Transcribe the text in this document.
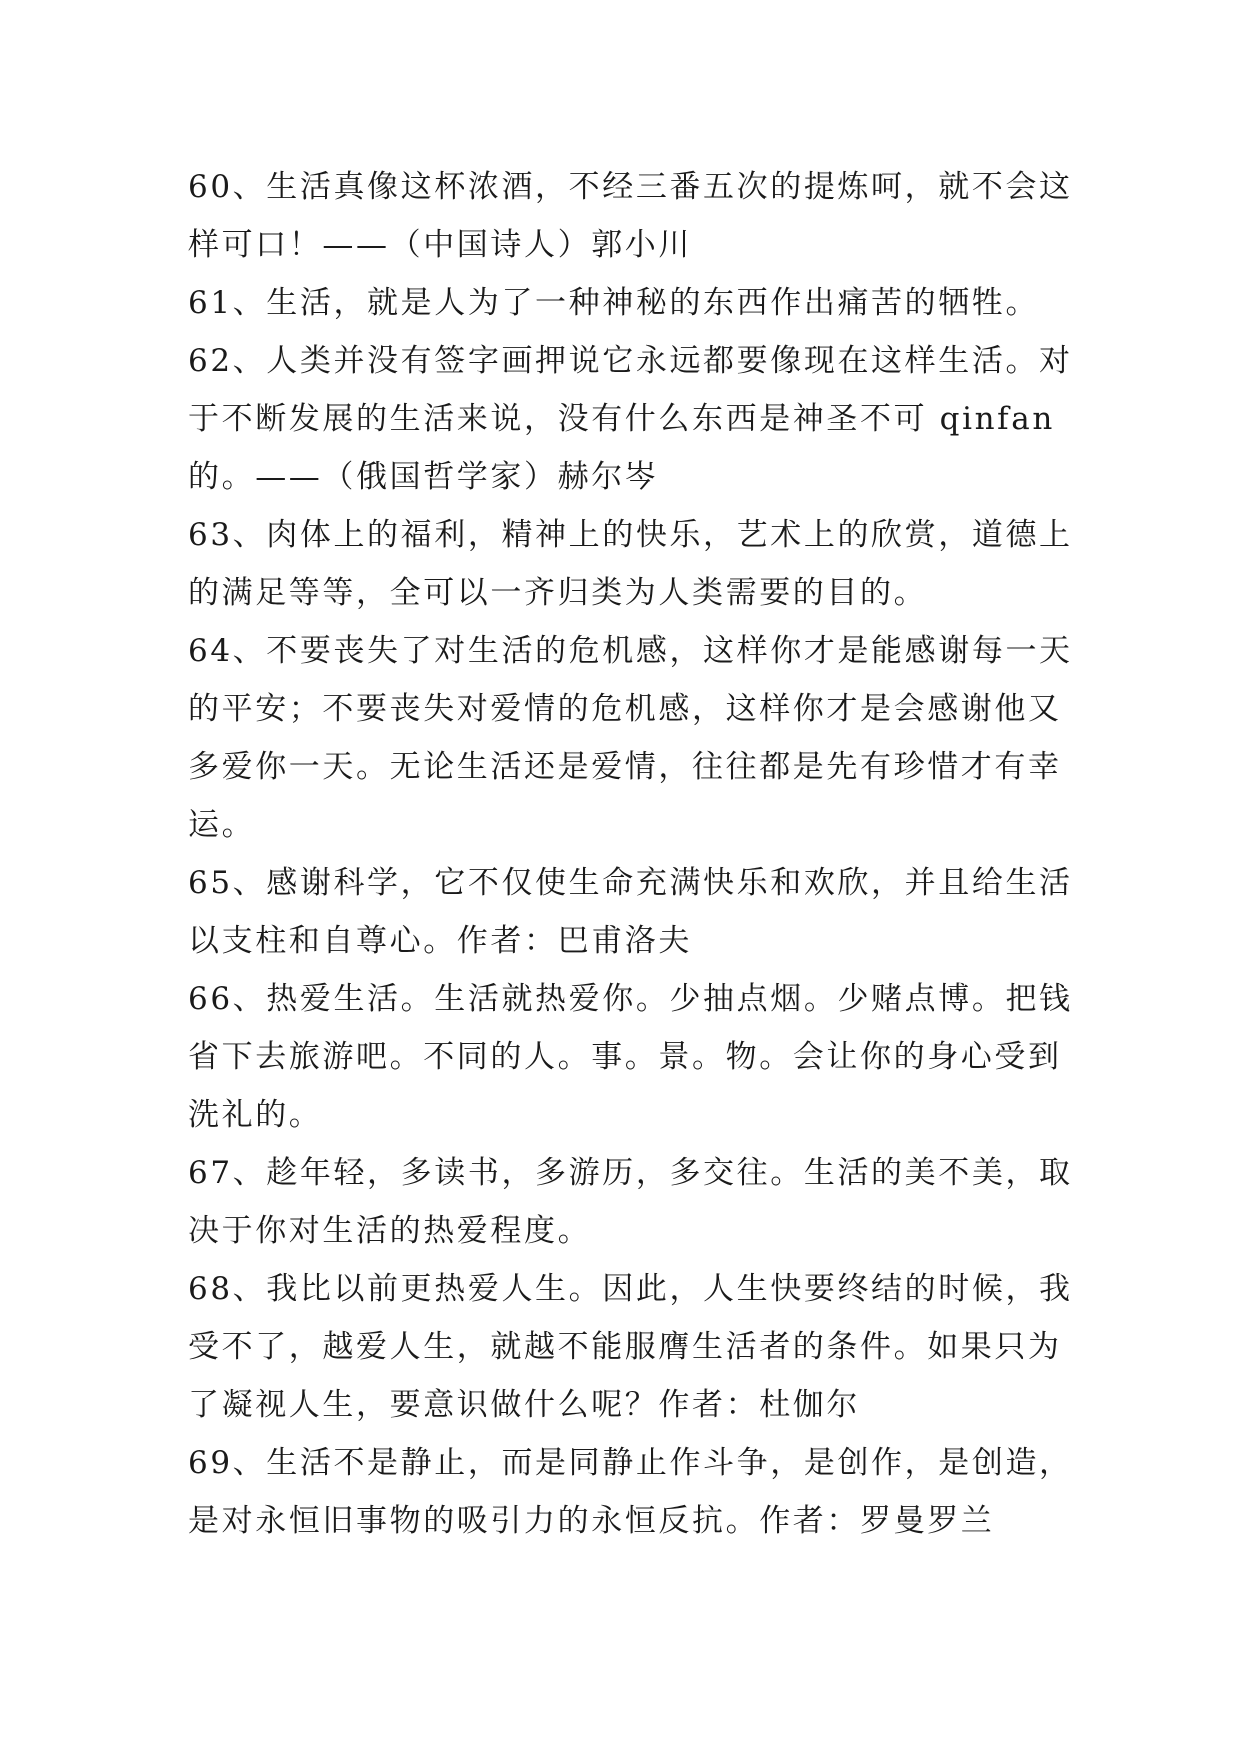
60、生活真像这杯浓酒，不经三番五次的提炼呵，就不会这
样可口！——（中国诗人）郭小川
61、生活，就是人为了一种神秘的东西作出痛苦的牺牲。
62、人类并没有签字画押说它永远都要像现在这样生活。对
于不断发展的生活来说，没有什么东西是神圣不可 qinfan
的。——（俄国哲学家）赫尔岑
63、肉体上的福利，精神上的快乐，艺术上的欣赏，道德上
的满足等等，全可以一齐归类为人类需要的目的。
64、不要丧失了对生活的危机感，这样你才是能感谢每一天
的平安；不要丧失对爱情的危机感，这样你才是会感谢他又
多爱你一天。无论生活还是爱情，往往都是先有珍惜才有幸
运。
65、感谢科学，它不仅使生命充满快乐和欢欣，并且给生活
以支柱和自尊心。作者：巴甫洛夫
66、热爱生活。生活就热爱你。少抽点烟。少赌点博。把钱
省下去旅游吧。不同的人。事。景。物。会让你的身心受到
洗礼的。
67、趁年轻，多读书，多游历，多交往。生活的美不美，取
决于你对生活的热爱程度。
68、我比以前更热爱人生。因此，人生快要终结的时候，我
受不了，越爱人生，就越不能服膺生活者的条件。如果只为
了凝视人生，要意识做什么呢？作者：杜伽尔
69、生活不是静止，而是同静止作斗争，是创作，是创造，
是对永恒旧事物的吸引力的永恒反抗。作者：罗曼罗兰
